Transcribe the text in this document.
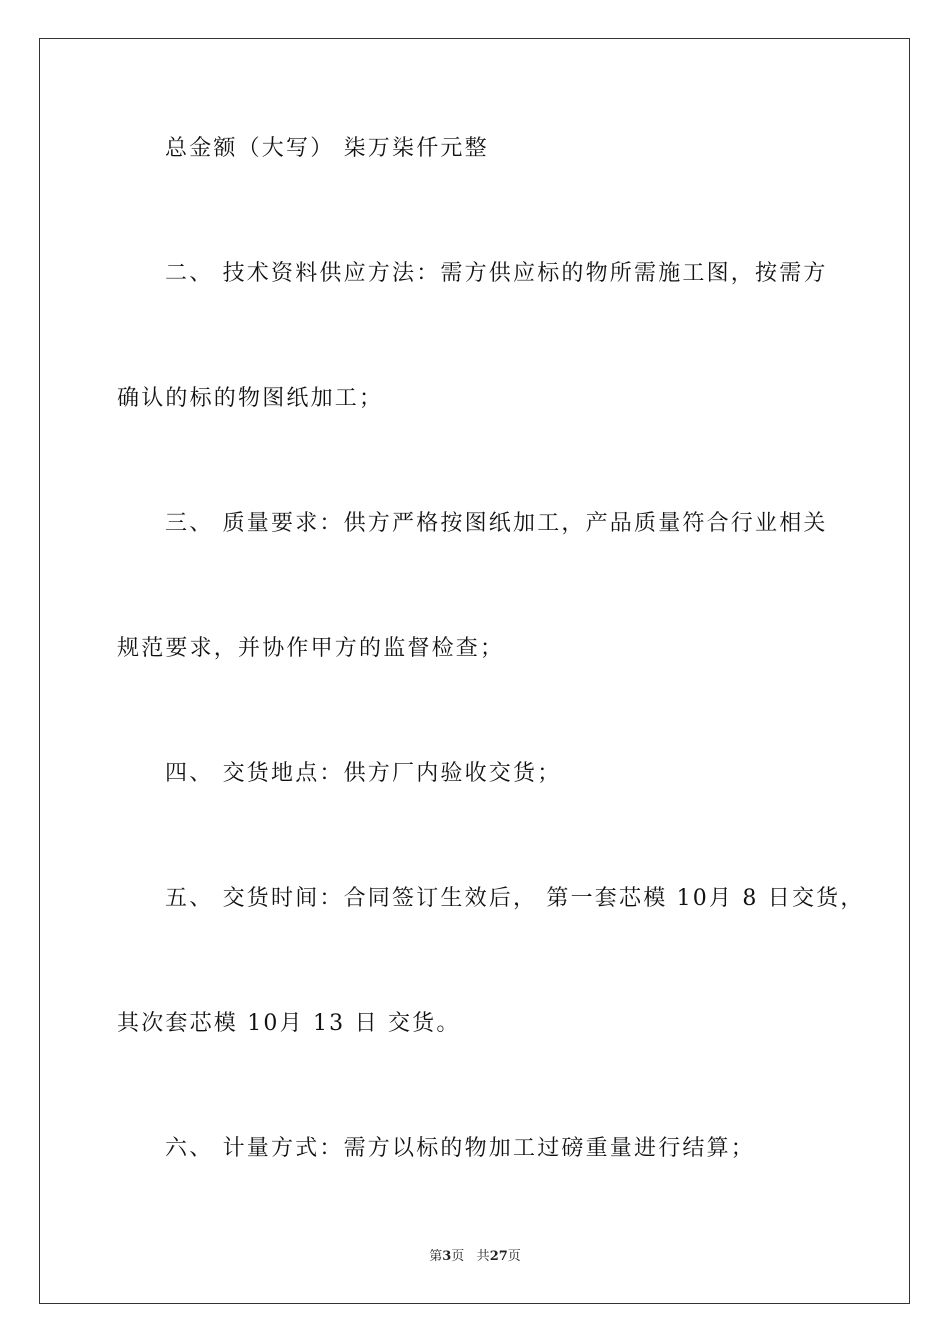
总金额（大写） 柒万柒仟元整
二、 技术资料供应方法：需方供应标的物所需施工图，按需方
确认的标的物图纸加工；
三、 质量要求：供方严格按图纸加工，产品质量符合行业相关
规范要求，并协作甲方的监督检查；
四、 交货地点：供方厂内验收交货；
五、 交货时间：合同签订生效后， 第一套芯模 10月 8 日交货，
其次套芯模 10月 13 日 交货。
六、 计量方式：需方以标的物加工过磅重量进行结算；
第3页 共27页
